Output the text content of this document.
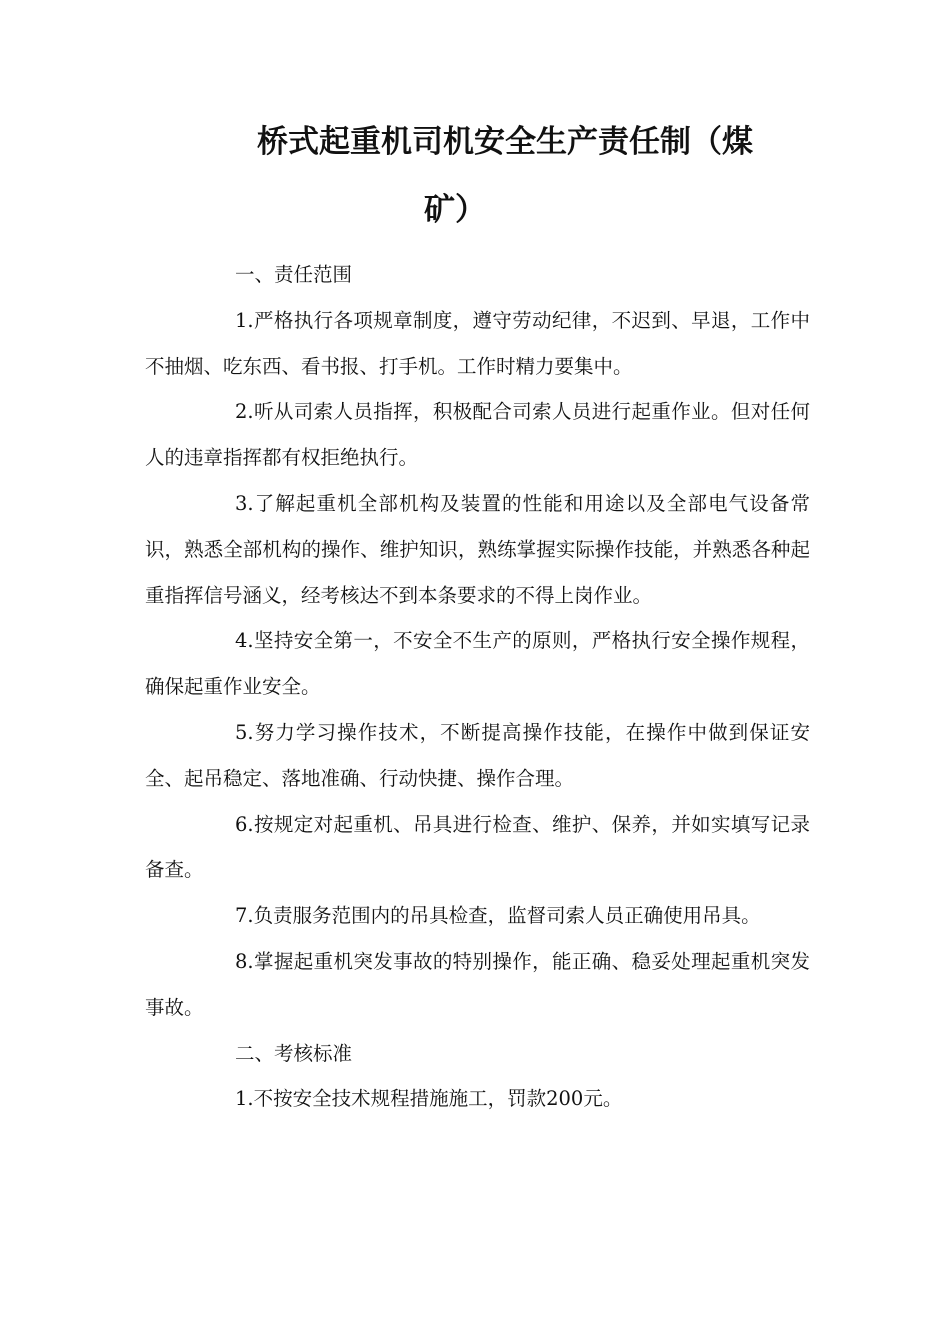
桥式起重机司机安全生产责任制（煤
矿）

一、责任范围

1.严格执行各项规章制度，遵守劳动纪律，不迟到、早退，工作中不抽烟、吃东西、看书报、打手机。工作时精力要集中。

2.听从司索人员指挥，积极配合司索人员进行起重作业。但对任何人的违章指挥都有权拒绝执行。

3.了解起重机全部机构及装置的性能和用途以及全部电气设备常识，熟悉全部机构的操作、维护知识，熟练掌握实际操作技能，并熟悉各种起重指挥信号涵义，经考核达不到本条要求的不得上岗作业。

4.坚持安全第一，不安全不生产的原则，严格执行安全操作规程，确保起重作业安全。

5.努力学习操作技术，不断提高操作技能，在操作中做到保证安全、起吊稳定、落地准确、行动快捷、操作合理。

6.按规定对起重机、吊具进行检查、维护、保养，并如实填写记录备查。

7.负责服务范围内的吊具检查，监督司索人员正确使用吊具。

8.掌握起重机突发事故的特别操作，能正确、稳妥处理起重机突发事故。

二、考核标准

1.不按安全技术规程措施施工，罚款200元。
